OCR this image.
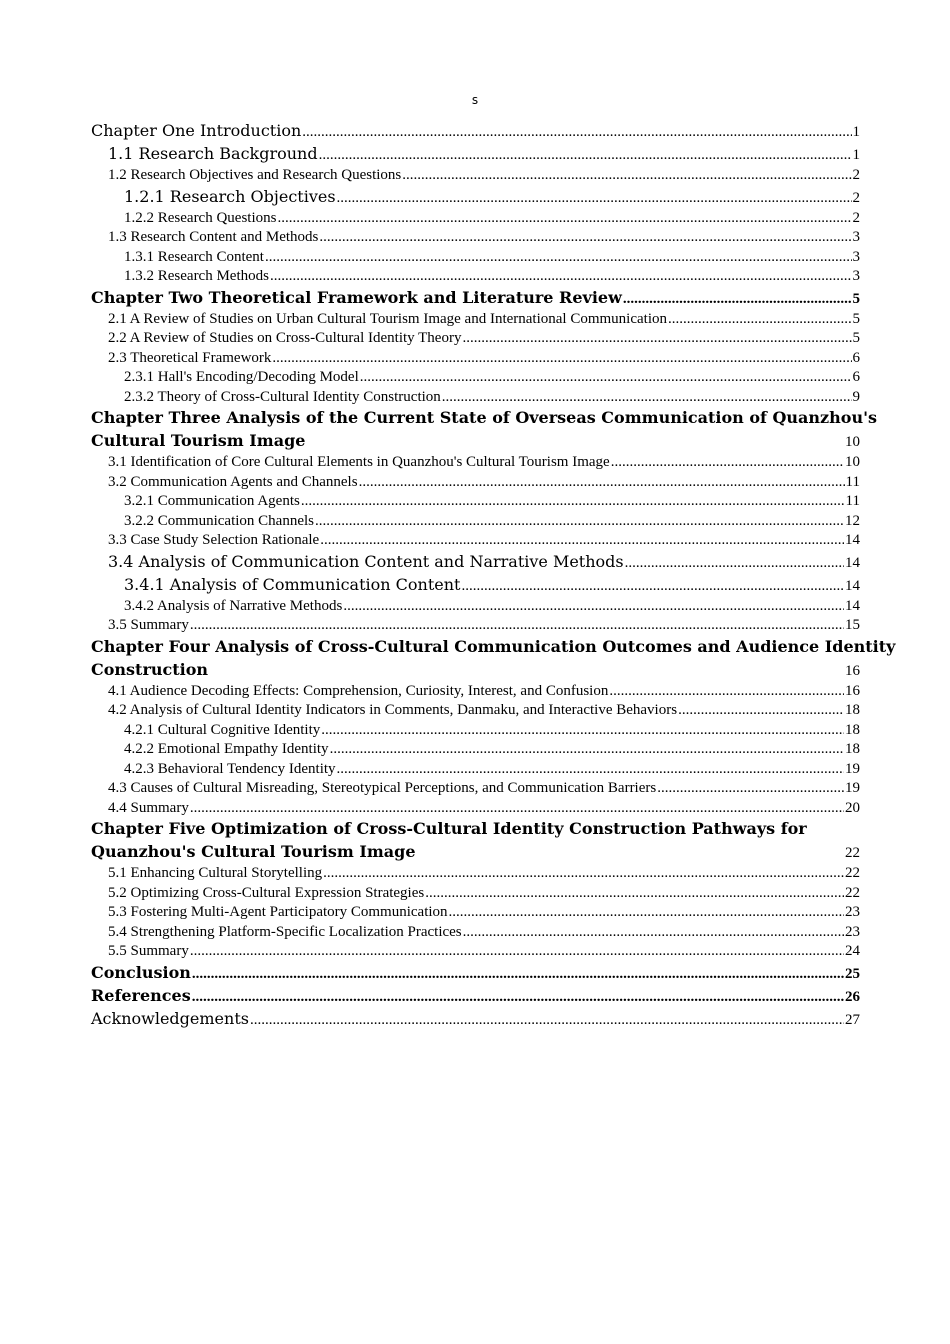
s
Chapter One Introduction .....	1
1.1 Research Background .....	1
1.2 Research Objectives and Research Questions .....	2
1.2.1 Research Objectives .....	2
1.2.2 Research Questions .....	2
1.3 Research Content and Methods .....	3
1.3.1 Research Content .....	3
1.3.2 Research Methods .....	3
Chapter Two Theoretical Framework and Literature Review .....	5
2.1 A Review of Studies on Urban Cultural Tourism Image and International Communication .....	5
2.2 A Review of Studies on Cross-Cultural Identity Theory .....	5
2.3 Theoretical Framework .....	6
2.3.1 Hall's Encoding/Decoding Model .....	6
2.3.2 Theory of Cross-Cultural Identity Construction .....	9
Chapter Three Analysis of the Current State of Overseas Communication of Quanzhou's
Cultural Tourism Image	10
3.1 Identification of Core Cultural Elements in Quanzhou's Cultural Tourism Image .....	10
3.2 Communication Agents and Channels .....	11
3.2.1 Communication Agents .....	11
3.2.2 Communication Channels .....	12
3.3 Case Study Selection Rationale .....	14
3.4 Analysis of Communication Content and Narrative Methods .....	14
3.4.1 Analysis of Communication Content .....	14
3.4.2 Analysis of Narrative Methods .....	14
3.5 Summary .....	15
Chapter Four Analysis of Cross-Cultural Communication Outcomes and Audience Identity
Construction	16
4.1 Audience Decoding Effects: Comprehension, Curiosity, Interest, and Confusion .....	16
4.2 Analysis of Cultural Identity Indicators in Comments, Danmaku, and Interactive Behaviors .....	18
4.2.1 Cultural Cognitive Identity .....	18
4.2.2 Emotional Empathy Identity .....	18
4.2.3 Behavioral Tendency Identity .....	19
4.3 Causes of Cultural Misreading, Stereotypical Perceptions, and Communication Barriers .....	19
4.4 Summary .....	20
Chapter Five Optimization of Cross-Cultural Identity Construction Pathways for
Quanzhou's Cultural Tourism Image	22
5.1 Enhancing Cultural Storytelling .....	22
5.2 Optimizing Cross-Cultural Expression Strategies .....	22
5.3 Fostering Multi-Agent Participatory Communication .....	23
5.4 Strengthening Platform-Specific Localization Practices .....	23
5.5 Summary .....	24
Conclusion .....	25
References .....	26
Acknowledgements .....	27
